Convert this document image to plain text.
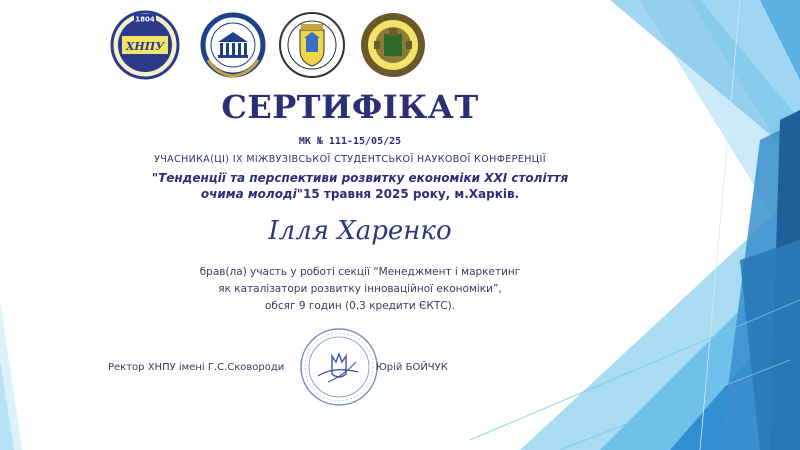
ХНПУ
1804
СЕРТИФІКАТ
МК № 111-15/05/25
УЧАСНИКА(ЦІ) ІХ МІЖВУЗІВСЬКОЇ СТУДЕНТСЬКОЇ НАУКОВОЇ КОНФЕРЕНЦІЇ
"Тенденції та перспективи розвитку економіки ХХІ століття
очима молоді"15 травня 2025 року, м.Харків.
Ілля Харенко
брав(ла) участь у роботі секції “Менеджмент і маркетинг
як каталізатори розвитку інноваційної економіки”,
обсяг 9 годин (0,3 кредити ЄКТС).
Ректор ХНПУ імені Г.С.Сковороди	Юрій БОЙЧУК
